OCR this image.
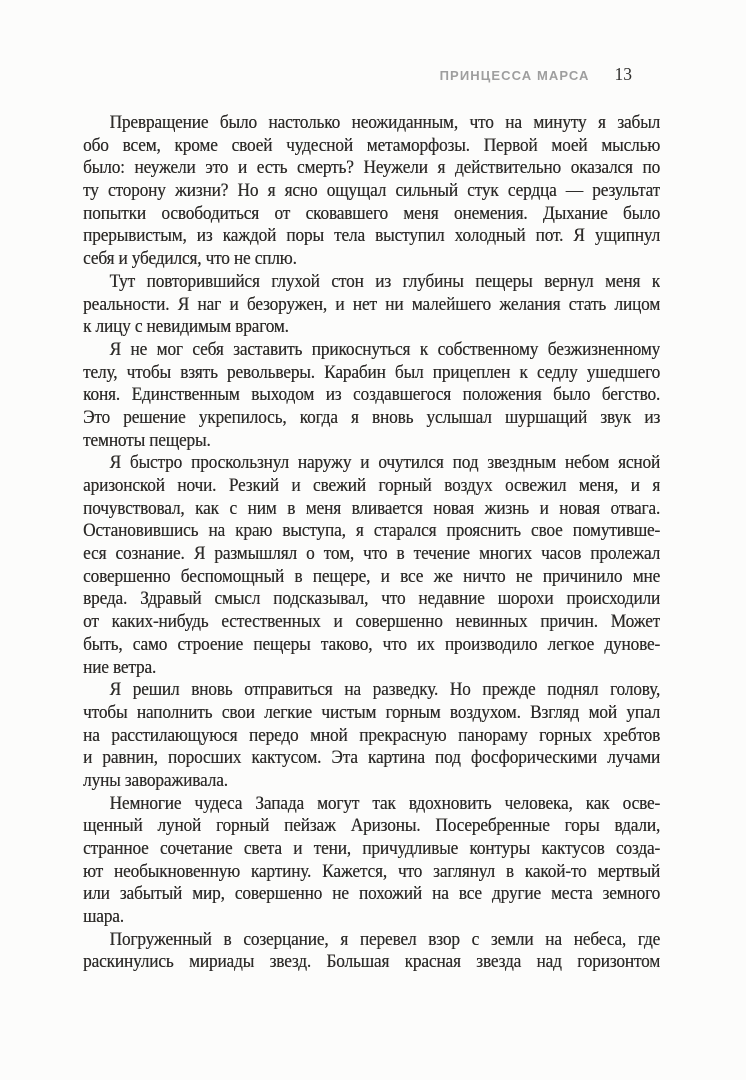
ПРИНЦЕССА МАРСА 13
Превращение было настолько неожиданным, что на минуту я забыл
обо всем, кроме своей чудесной метаморфозы. Первой моей мыслью
было: неужели это и есть смерть? Неужели я действительно оказался по
ту сторону жизни? Но я ясно ощущал сильный стук сердца — результат
попытки освободиться от сковавшего меня онемения. Дыхание было
прерывистым, из каждой поры тела выступил холодный пот. Я ущипнул
себя и убедился, что не сплю.
Тут повторившийся глухой стон из глубины пещеры вернул меня к
реальности. Я наг и безоружен, и нет ни малейшего желания стать лицом
к лицу с невидимым врагом.
Я не мог себя заставить прикоснуться к собственному безжизненному
телу, чтобы взять револьверы. Карабин был прицеплен к седлу ушедшего
коня. Единственным выходом из создавшегося положения было бегство.
Это решение укрепилось, когда я вновь услышал шуршащий звук из
темноты пещеры.
Я быстро проскользнул наружу и очутился под звездным небом ясной
аризонской ночи. Резкий и свежий горный воздух освежил меня, и я
почувствовал, как с ним в меня вливается новая жизнь и новая отвага.
Остановившись на краю выступа, я старался прояснить свое помутивше-
еся сознание. Я размышлял о том, что в течение многих часов пролежал
совершенно беспомощный в пещере, и все же ничто не причинило мне
вреда. Здравый смысл подсказывал, что недавние шорохи происходили
от каких-нибудь естественных и совершенно невинных причин. Может
быть, само строение пещеры таково, что их производило легкое дунове-
ние ветра.
Я решил вновь отправиться на разведку. Но прежде поднял голову,
чтобы наполнить свои легкие чистым горным воздухом. Взгляд мой упал
на расстилающуюся передо мной прекрасную панораму горных хребтов
и равнин, поросших кактусом. Эта картина под фосфорическими лучами
луны завораживала.
Немногие чудеса Запада могут так вдохновить человека, как осве-
щенный луной горный пейзаж Аризоны. Посеребренные горы вдали,
странное сочетание света и тени, причудливые контуры кактусов созда-
ют необыкновенную картину. Кажется, что заглянул в какой-то мертвый
или забытый мир, совершенно не похожий на все другие места земного
шара.
Погруженный в созерцание, я перевел взор с земли на небеса, где
раскинулись мириады звезд. Большая красная звезда над горизонтом
